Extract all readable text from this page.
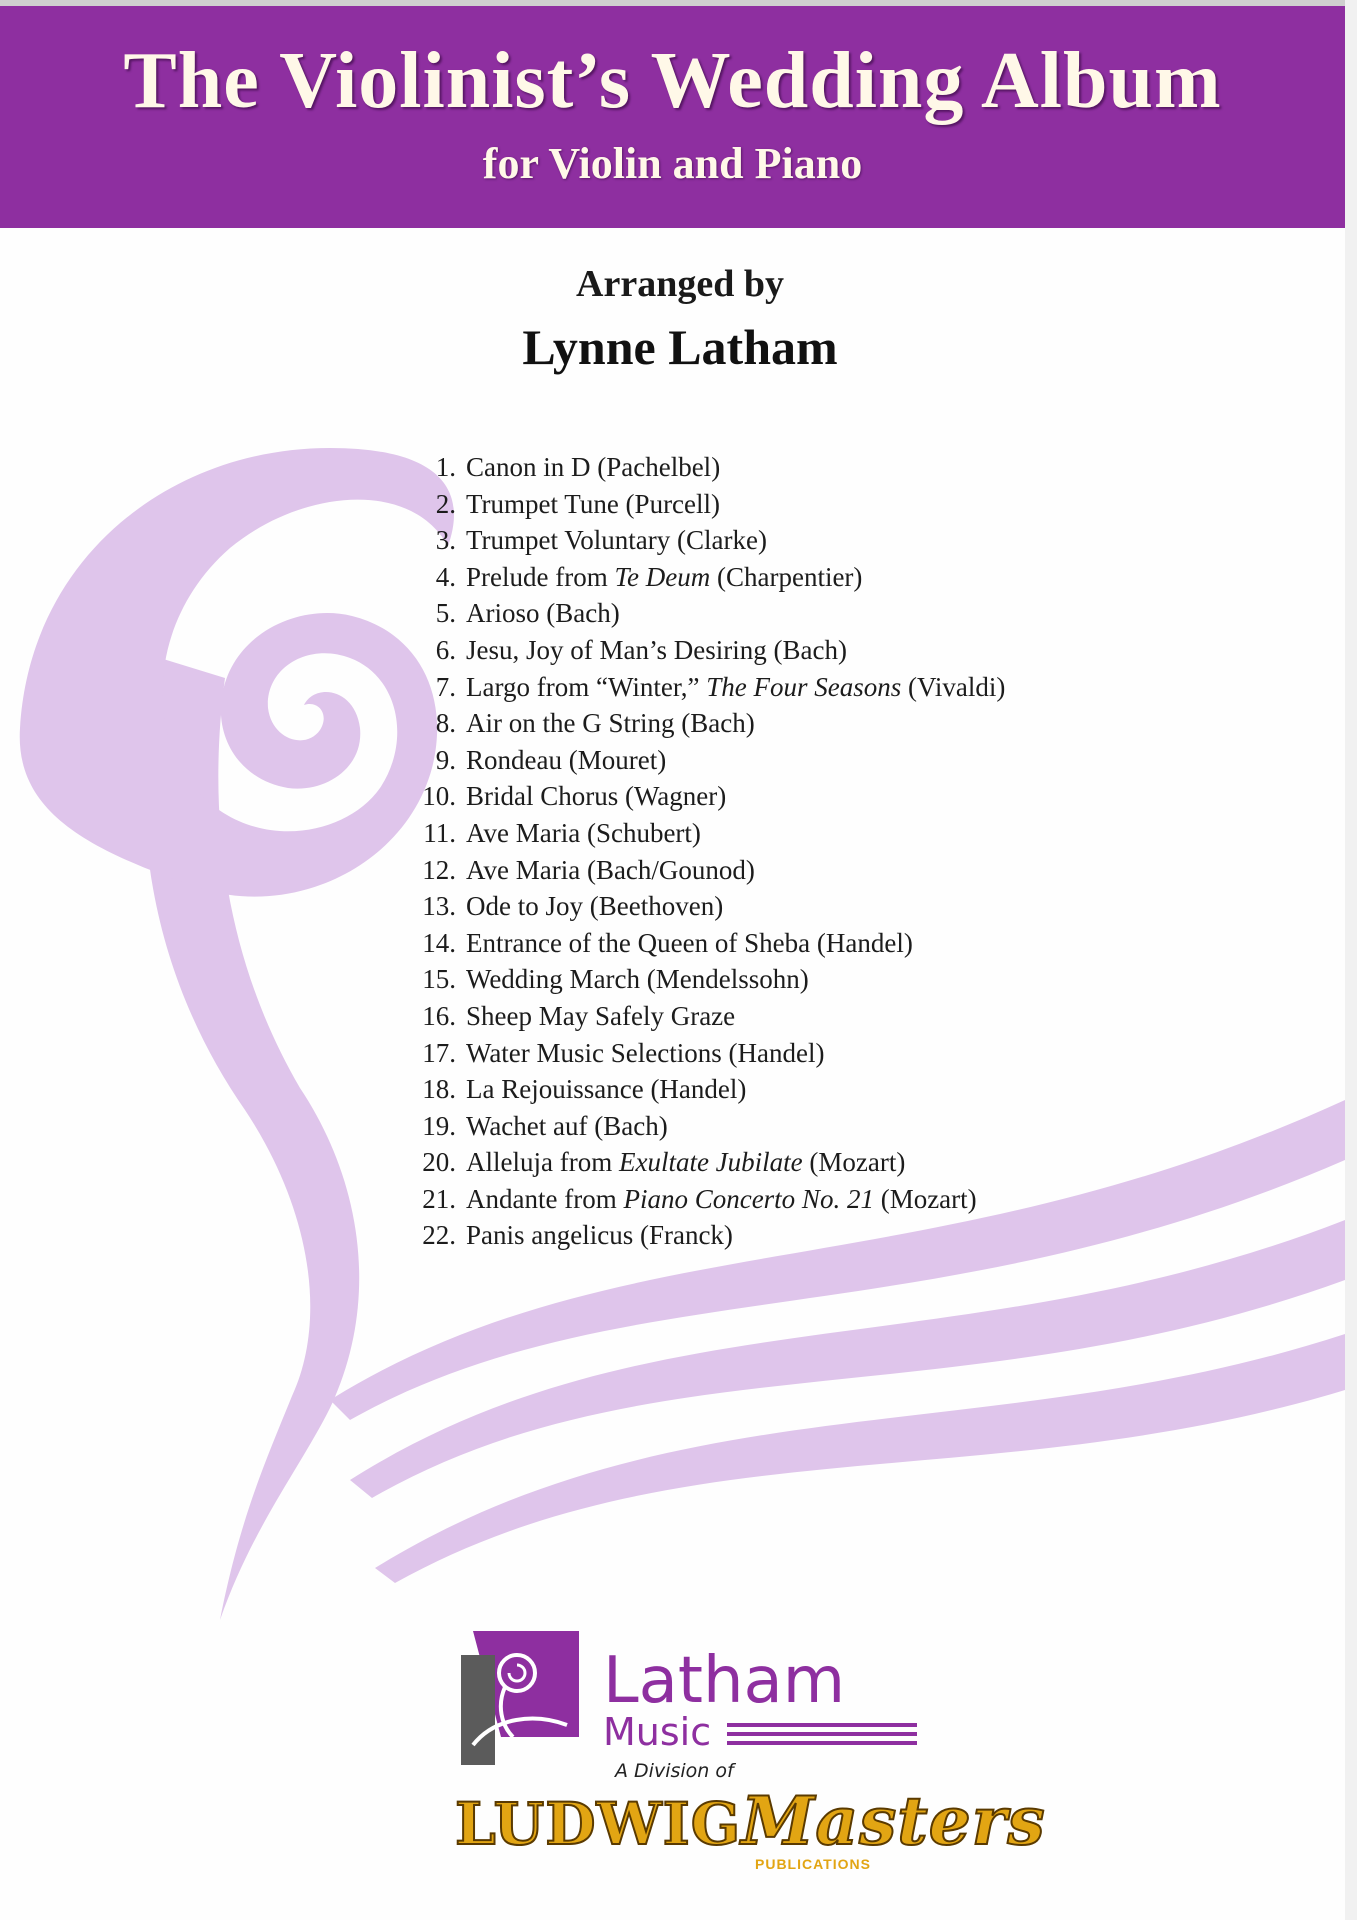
The Violinist’s Wedding Album
for Violin and Piano
Arranged by
Lynne Latham
1. Canon in D (Pachelbel)
2. Trumpet Tune (Purcell)
3. Trumpet Voluntary (Clarke)
4. Prelude from Te Deum (Charpentier)
5. Arioso (Bach)
6. Jesu, Joy of Man’s Desiring (Bach)
7. Largo from “Winter,” The Four Seasons (Vivaldi)
8. Air on the G String (Bach)
9. Rondeau (Mouret)
10. Bridal Chorus (Wagner)
11. Ave Maria (Schubert)
12. Ave Maria (Bach/Gounod)
13. Ode to Joy (Beethoven)
14. Entrance of the Queen of Sheba (Handel)
15. Wedding March (Mendelssohn)
16. Sheep May Safely Graze
17. Water Music Selections (Handel)
18. La Rejouissance (Handel)
19. Wachet auf (Bach)
20. Alleluja from Exultate Jubilate (Mozart)
21. Andante from Piano Concerto No. 21 (Mozart)
22. Panis angelicus (Franck)
Latham
Music
A Division of
LUDWIGMasters
PUBLICATIONS
